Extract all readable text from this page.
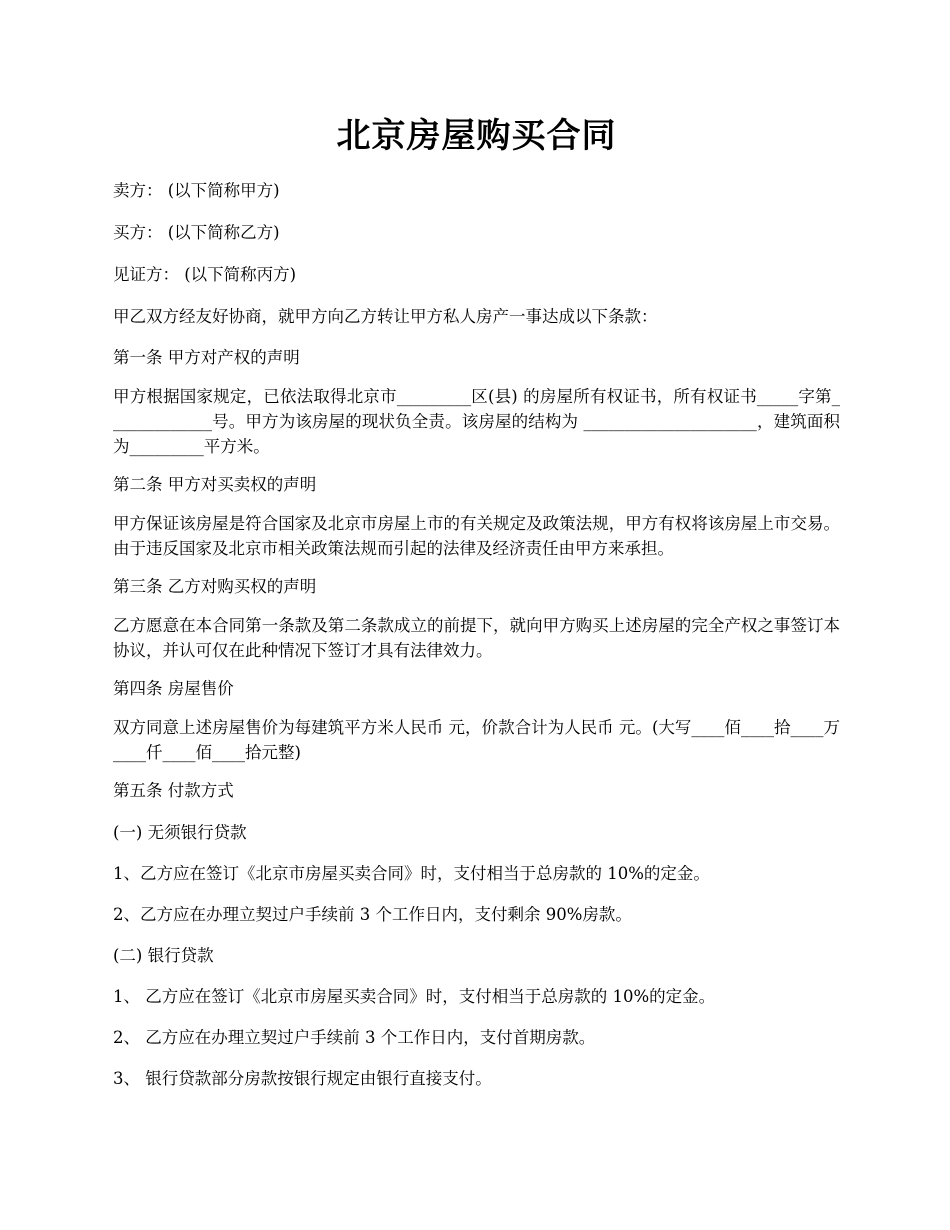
北京房屋购买合同

卖方： (以下简称甲方)

买方： (以下简称乙方)

见证方： (以下简称丙方)

甲乙双方经友好协商，就甲方向乙方转让甲方私人房产一事达成以下条款：

第一条 甲方对产权的声明

甲方根据国家规定，已依法取得北京市_________区(县) 的房屋所有权证书，所有权证书_____字第_____________号。甲方为该房屋的现状负全责。该房屋的结构为 _____________________，建筑面积为_________平方米。

第二条 甲方对买卖权的声明

甲方保证该房屋是符合国家及北京市房屋上市的有关规定及政策法规，甲方有权将该房屋上市交易。由于违反国家及北京市相关政策法规而引起的法律及经济责任由甲方来承担。

第三条 乙方对购买权的声明

乙方愿意在本合同第一条款及第二条款成立的前提下，就向甲方购买上述房屋的完全产权之事签订本协议，并认可仅在此种情况下签订才具有法律效力。

第四条 房屋售价

双方同意上述房屋售价为每建筑平方米人民币 元，价款合计为人民币 元。(大写____佰____拾____万____仟____佰____拾元整)

第五条 付款方式

(一) 无须银行贷款

1、乙方应在签订《北京市房屋买卖合同》时，支付相当于总房款的 10%的定金。

2、乙方应在办理立契过户手续前 3 个工作日内，支付剩余 90%房款。

(二) 银行贷款

1、 乙方应在签订《北京市房屋买卖合同》时，支付相当于总房款的 10%的定金。

2、 乙方应在办理立契过户手续前 3 个工作日内，支付首期房款。

3、 银行贷款部分房款按银行规定由银行直接支付。
